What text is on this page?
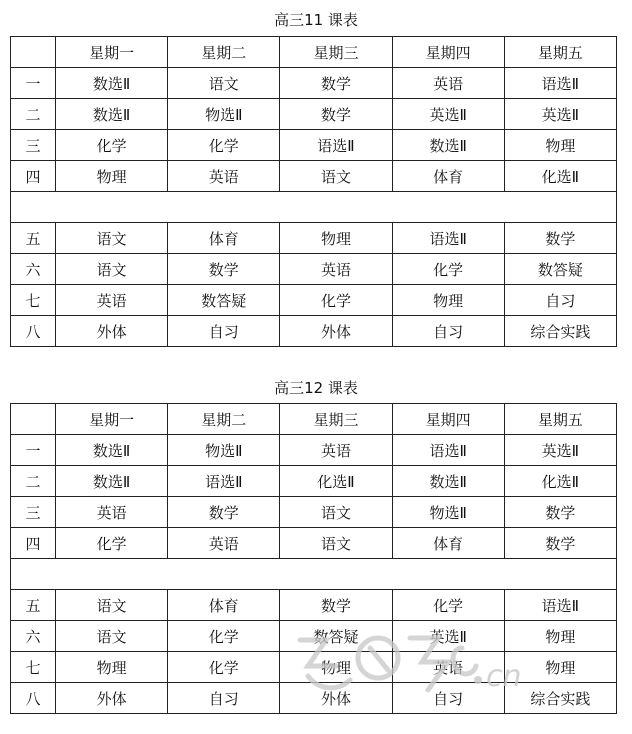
高三11 课表
	星期一	星期二	星期三	星期四	星期五
一	数选Ⅱ	语文	数学	英语	语选Ⅱ
二	数选Ⅱ	物选Ⅱ	数学	英选Ⅱ	英选Ⅱ
三	化学	化学	语选Ⅱ	数选Ⅱ	物理
四	物理	英语	语文	体育	化选Ⅱ

五	语文	体育	物理	语选Ⅱ	数学
六	语文	数学	英语	化学	数答疑
七	英语	数答疑	化学	物理	自习
八	外体	自习	外体	自习	综合实践
高三12 课表
	星期一	星期二	星期三	星期四	星期五
一	数选Ⅱ	物选Ⅱ	英语	语选Ⅱ	英选Ⅱ
二	数选Ⅱ	语选Ⅱ	化选Ⅱ	数选Ⅱ	化选Ⅱ
三	英语	数学	语文	物选Ⅱ	数学
四	化学	英语	语文	体育	数学

五	语文	体育	数学	化学	语选Ⅱ
六	语文	化学	数答疑	英选Ⅱ	物理
七	物理	化学	物理	英语	物理
八	外体	自习	外体	自习	综合实践
cn
